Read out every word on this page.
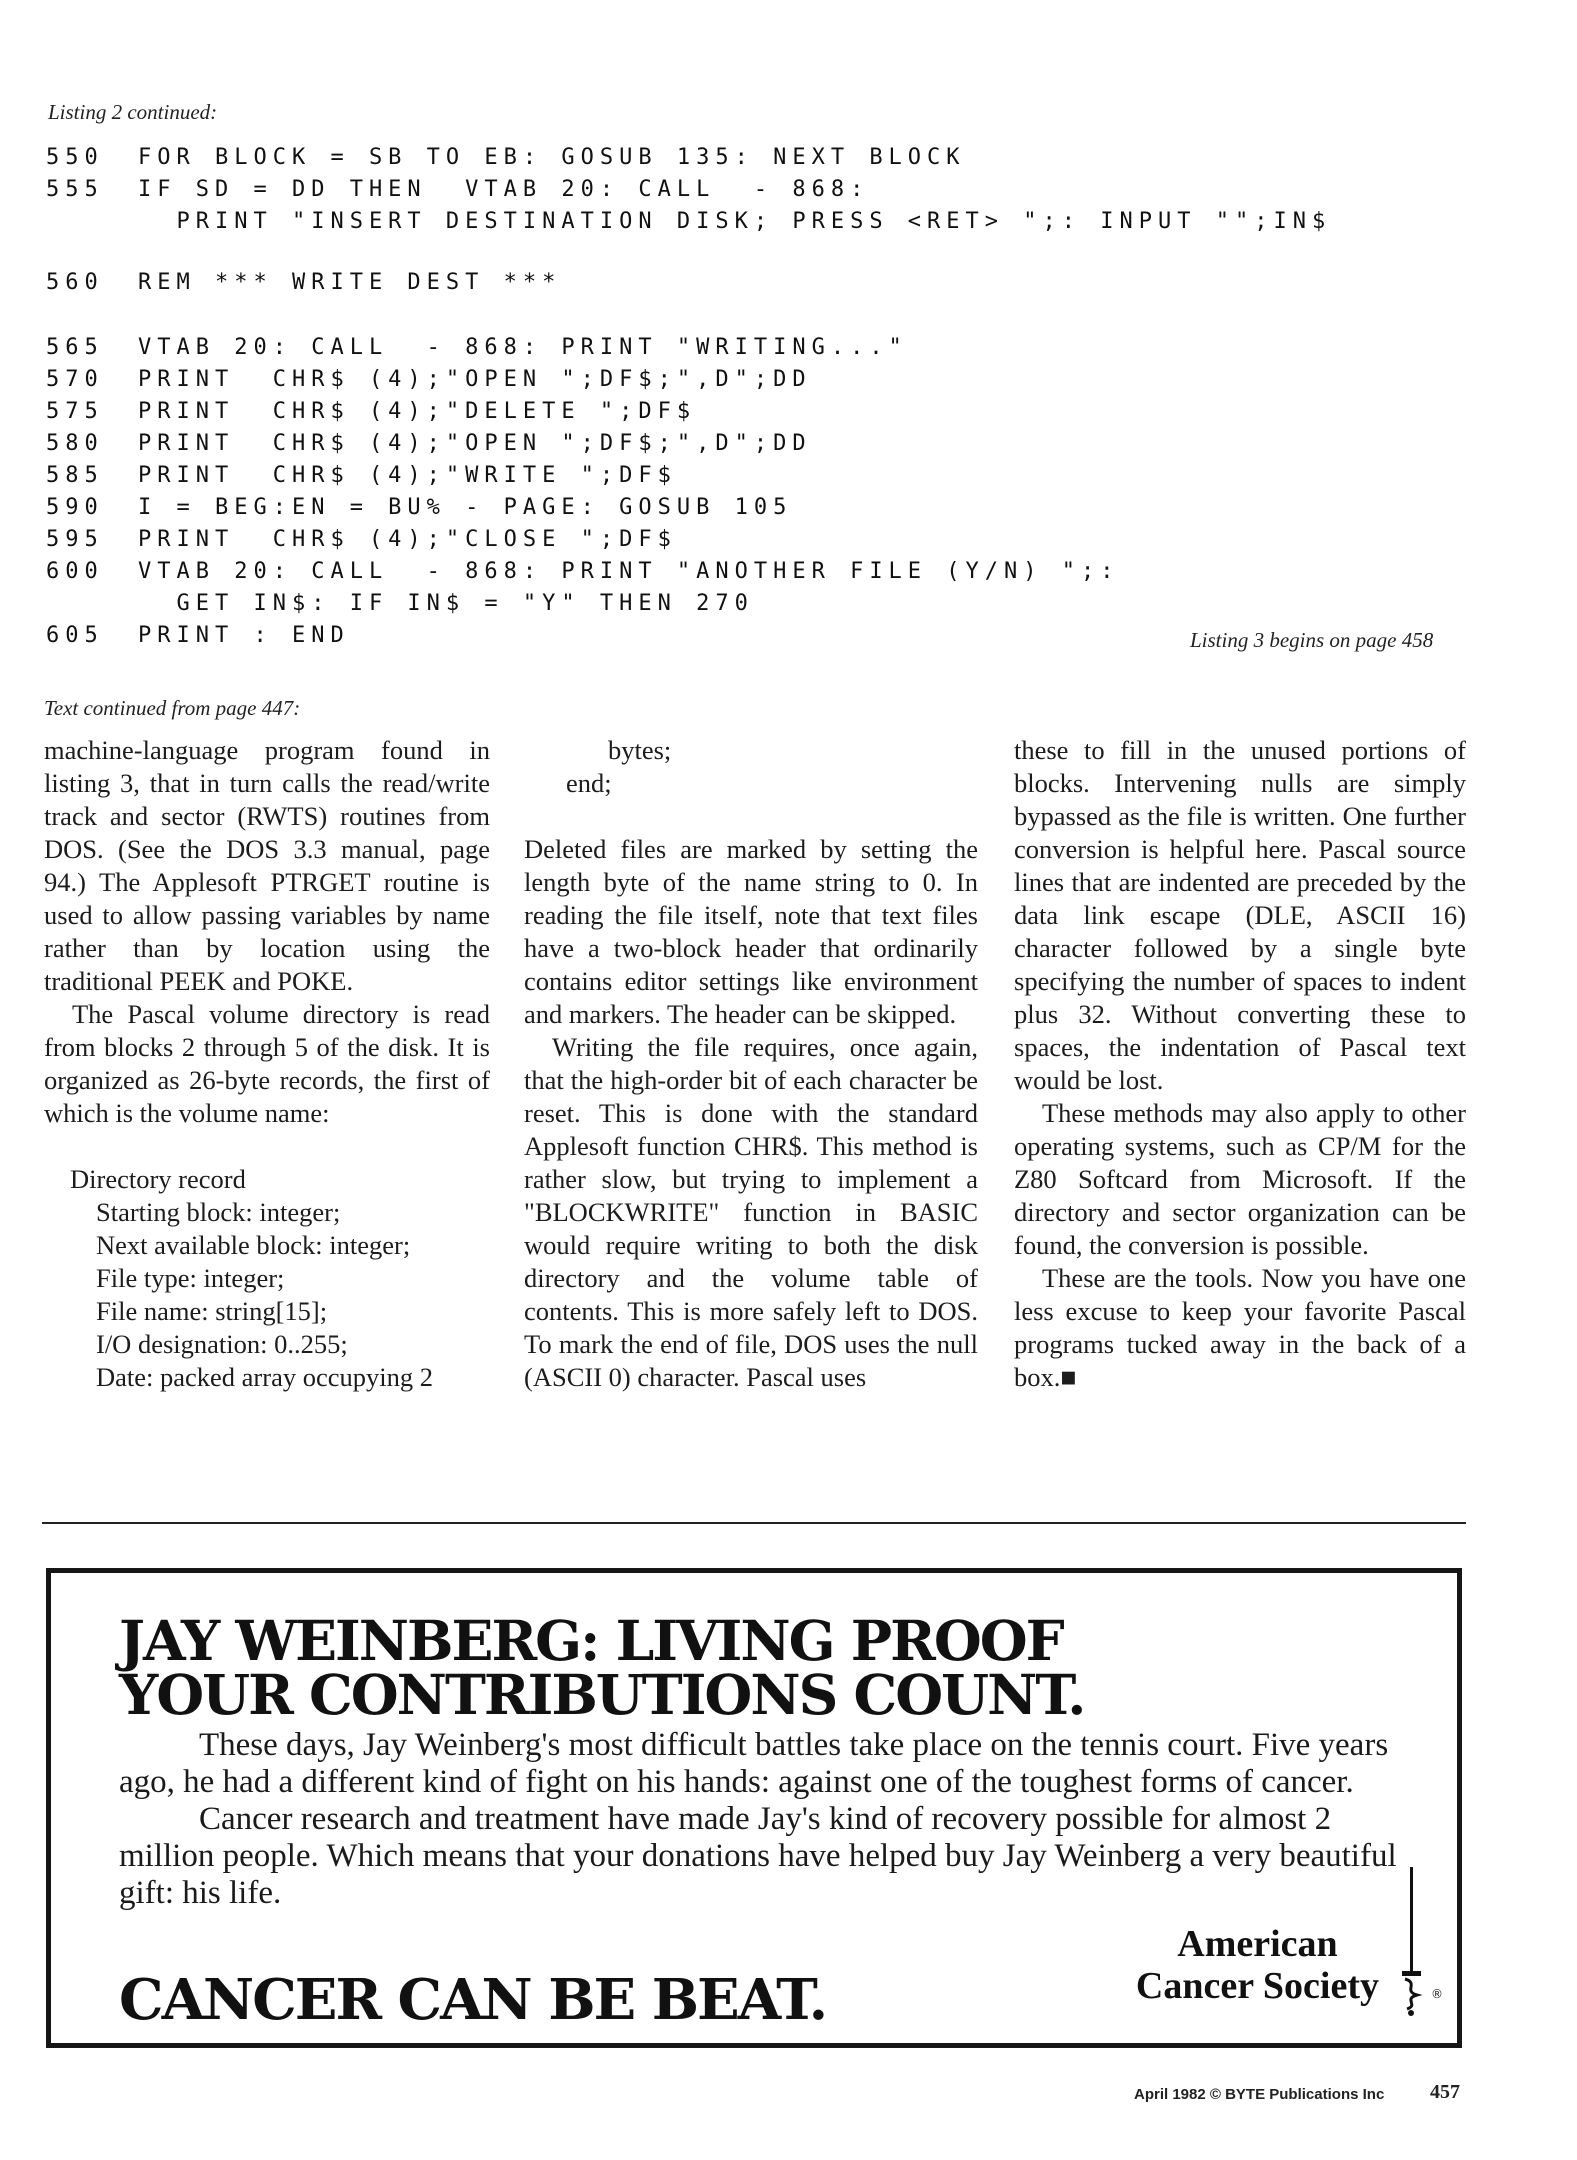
Listing 2 continued:
550 FOR BLOCK = SB TO EB: GOSUB 135: NEXT BLOCK
555 IF SD = DD THEN  VTAB 20: CALL  - 868:
PRINT "INSERT DESTINATION DISK; PRESS <RET> ";: INPUT "";IN$
560 REM *** WRITE DEST ***
565 VTAB 20: CALL  - 868: PRINT "WRITING..."
570 PRINT  CHR$ (4);"OPEN ";DF$;",D";DD
575 PRINT  CHR$ (4);"DELETE ";DF$
580 PRINT  CHR$ (4);"OPEN ";DF$;",D";DD
585 PRINT  CHR$ (4);"WRITE ";DF$
590 I = BEG:EN = BU% - PAGE: GOSUB 105
595 PRINT  CHR$ (4);"CLOSE ";DF$
600 VTAB 20: CALL  - 868: PRINT "ANOTHER FILE (Y/N) ";:
GET IN$: IF IN$ = "Y" THEN 270
605 PRINT : END	Listing 3 begins on page 458
Text continued from page 447:

machine-language program found in listing 3, that in turn calls the read/write track and sector (RWTS) routines from DOS. (See the DOS 3.3 manual, page 94.) The Applesoft PTRGET routine is used to allow passing variables by name rather than by location using the traditional PEEK and POKE.

The Pascal volume directory is read from blocks 2 through 5 of the disk. It is organized as 26-byte records, the first of which is the volume name:

Directory record
Starting block: integer;
Next available block: integer;
File type: integer;
File name: string[15];
I/O designation: 0..255;
Date: packed array occupying 2
bytes;
end;

Deleted files are marked by setting the length byte of the name string to 0. In reading the file itself, note that text files have a two-block header that ordinarily contains editor settings like environment and markers. The header can be skipped.

Writing the file requires, once again, that the high-order bit of each character be reset. This is done with the standard Applesoft function CHR$. This method is rather slow, but trying to implement a "BLOCKWRITE" function in BASIC would require writing to both the disk directory and the volume table of contents. This is more safely left to DOS. To mark the end of file, DOS uses the null (ASCII 0) character. Pascal uses

these to fill in the unused portions of blocks. Intervening nulls are simply bypassed as the file is written. One further conversion is helpful here. Pascal source lines that are indented are preceded by the data link escape (DLE, ASCII 16) character followed by a single byte specifying the number of spaces to indent plus 32. Without converting these to spaces, the indentation of Pascal text would be lost.

These methods may also apply to other operating systems, such as CP/M for the Z80 Softcard from Microsoft. If the directory and sector organization can be found, the conversion is possible.

These are the tools. Now you have one less excuse to keep your favorite Pascal programs tucked away in the back of a box.■

JAY WEINBERG: LIVING PROOF
YOUR CONTRIBUTIONS COUNT.

These days, Jay Weinberg's most difficult battles take place on the tennis court. Five years ago, he had a different kind of fight on his hands: against one of the toughest forms of cancer.

Cancer research and treatment have made Jay's kind of recovery possible for almost 2 million people. Which means that your donations have helped buy Jay Weinberg a very beautiful gift: his life.

CANCER CAN BE BEAT.
American
Cancer Society	®
April 1982 © BYTE Publications Inc 457
